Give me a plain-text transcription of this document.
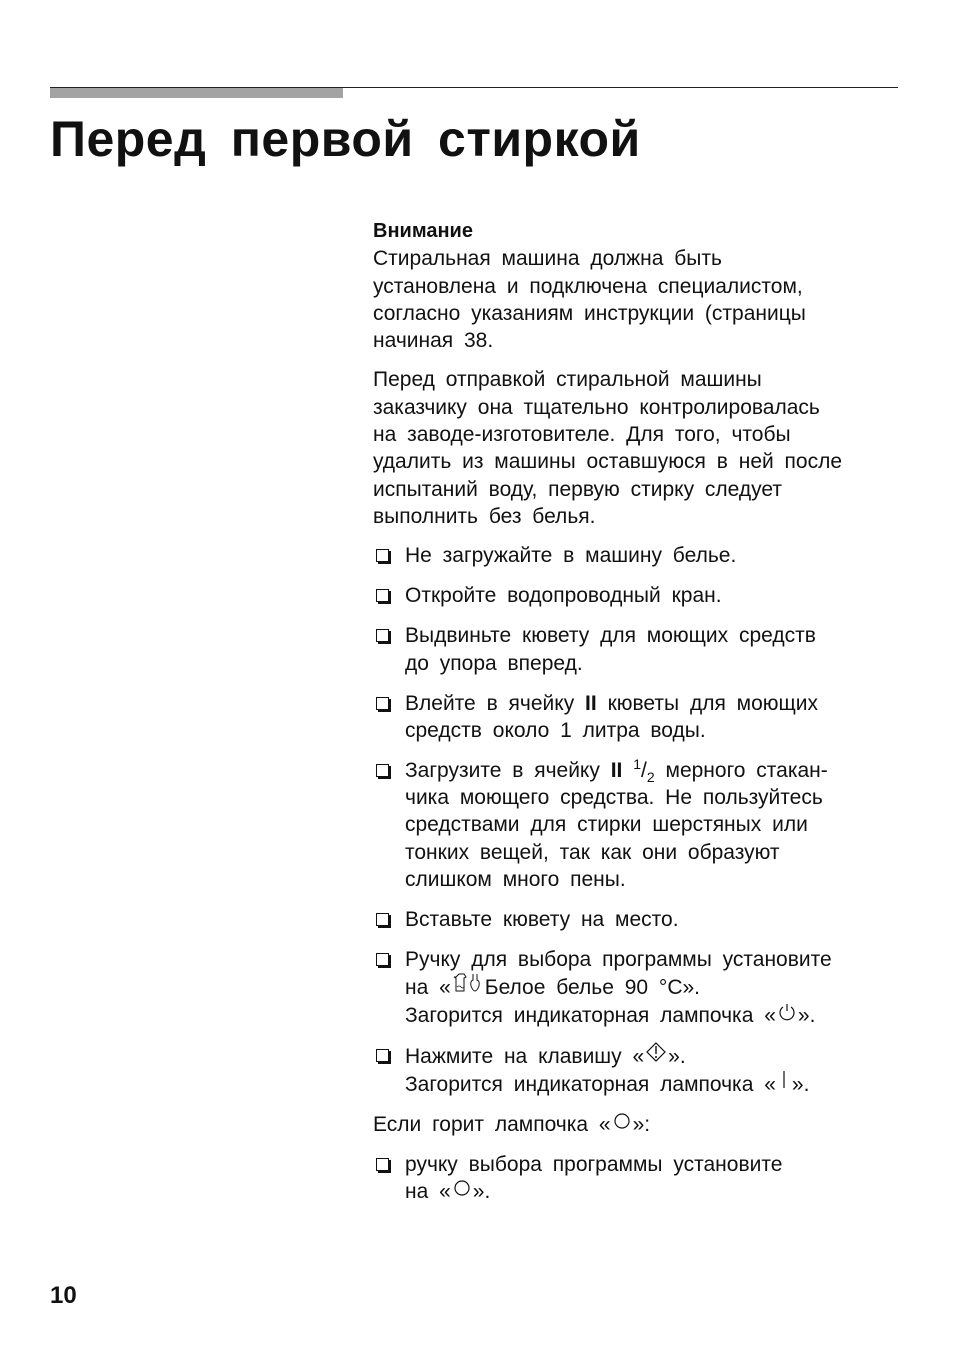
Перед первой стиркой

Внимание

Стиральная машина должна быть
установлена и подключена специалистом,
согласно указаниям инструкции (страницы
начиная 38.
Перед отправкой стиральной машины
заказчику она тщательно контролировалась
на заводе-изготовителе. Для того, чтобы
удалить из машины оставшуюся в ней после
испытаний воду, первую стирку следует
выполнить без белья.
Не загружайте в машину белье.
Откройте водопроводный кран.
Выдвиньте кювету для моющих средств
до упора вперед.
Влейте в ячейку II кюветы для моющих
средств около 1 литра воды.
Загрузите в ячейку II $^1/_2$ мерного стакан-
чика моющего средства. Не пользуйтесь
средствами для стирки шерстяных или
тонких вещей, так как они образуют
слишком много пены.
Вставьте кювету на место.
Ручку для выбора программы установите
на « Белое белье 90 °С».
Загорится индикаторная лампочка « ».
Нажмите на клавишу « ».
Загорится индикаторная лампочка « ».

Если горит лампочка « »:

ручку выбора программы установите
на « ».
10
